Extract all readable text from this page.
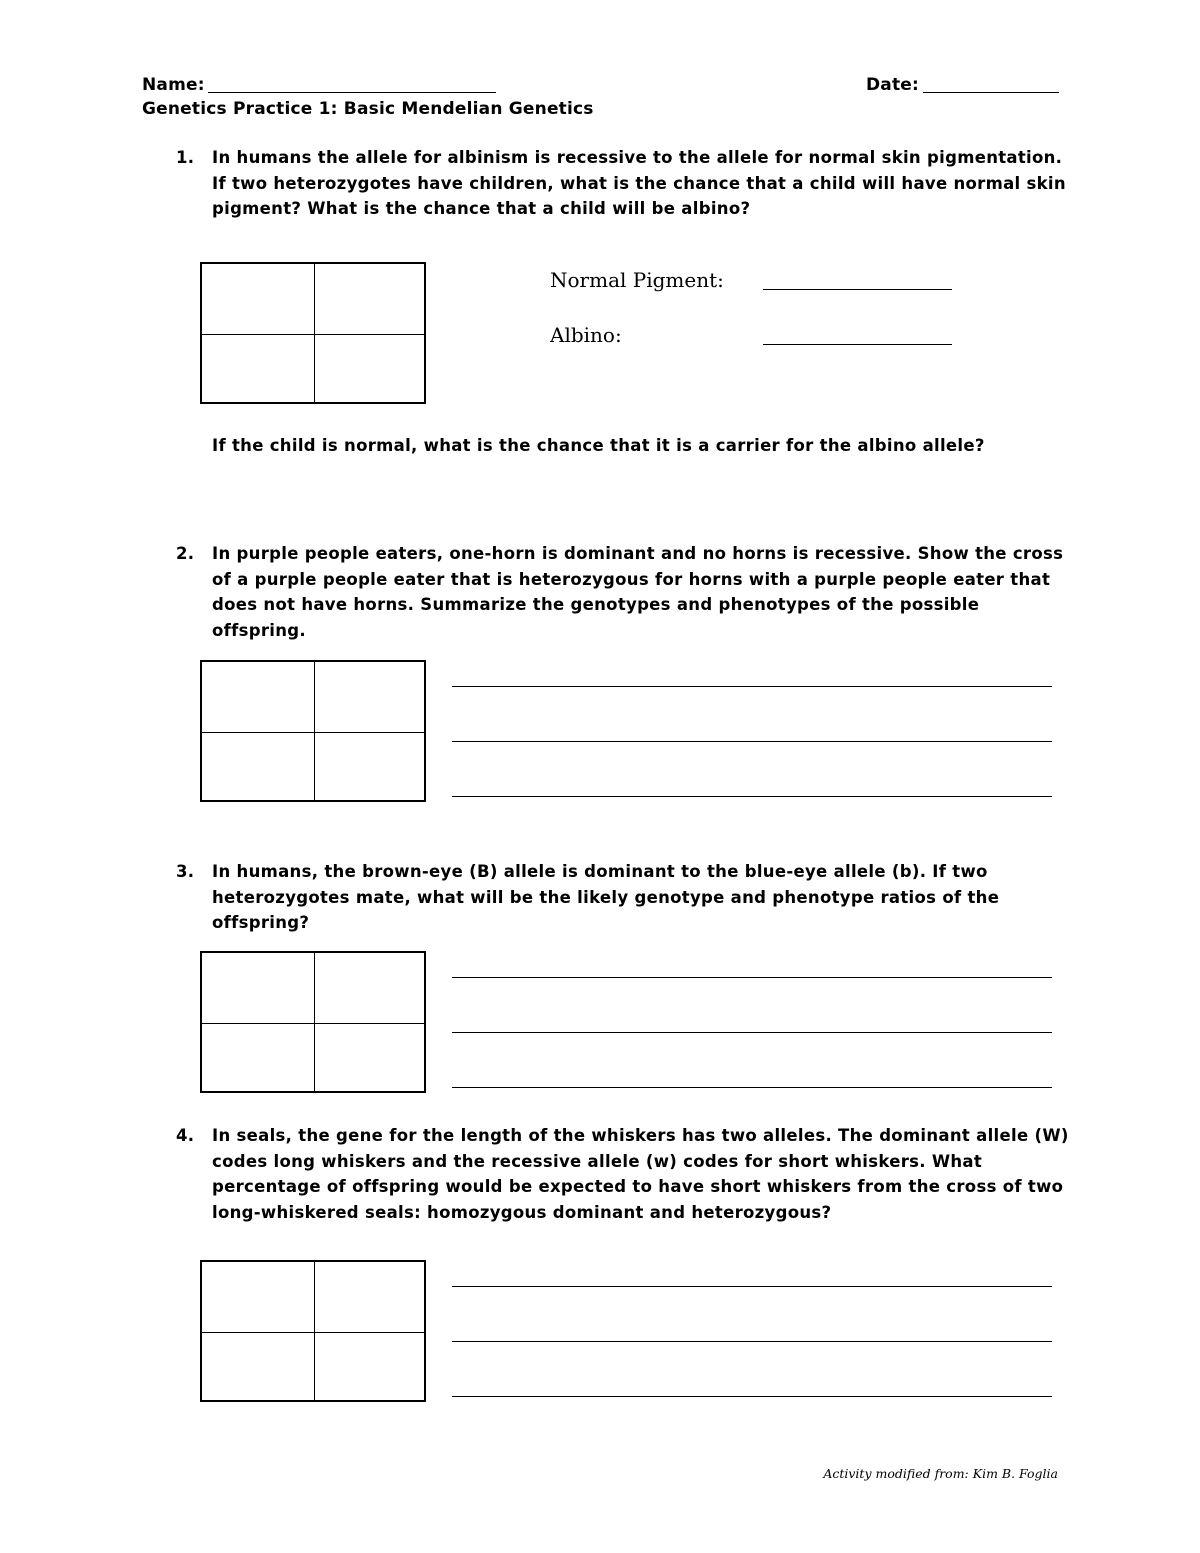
Name:	Date:
Genetics Practice 1: Basic Mendelian Genetics
1. In humans the allele for albinism is recessive to the allele for normal skin pigmentation. If two heterozygotes have children, what is the chance that a child will have normal skin pigment? What is the chance that a child will be albino?
Normal Pigment:
Albino:
If the child is normal, what is the chance that it is a carrier for the albino allele?
2. In purple people eaters, one-horn is dominant and no horns is recessive. Show the cross of a purple people eater that is heterozygous for horns with a purple people eater that does not have horns. Summarize the genotypes and phenotypes of the possible offspring.
3. In humans, the brown-eye (B) allele is dominant to the blue-eye allele (b). If two heterozygotes mate, what will be the likely genotype and phenotype ratios of the offspring?
4. In seals, the gene for the length of the whiskers has two alleles. The dominant allele (W) codes long whiskers and the recessive allele (w) codes for short whiskers. What percentage of offspring would be expected to have short whiskers from the cross of two long-whiskered seals: homozygous dominant and heterozygous?
Activity modified from: Kim B. Foglia
